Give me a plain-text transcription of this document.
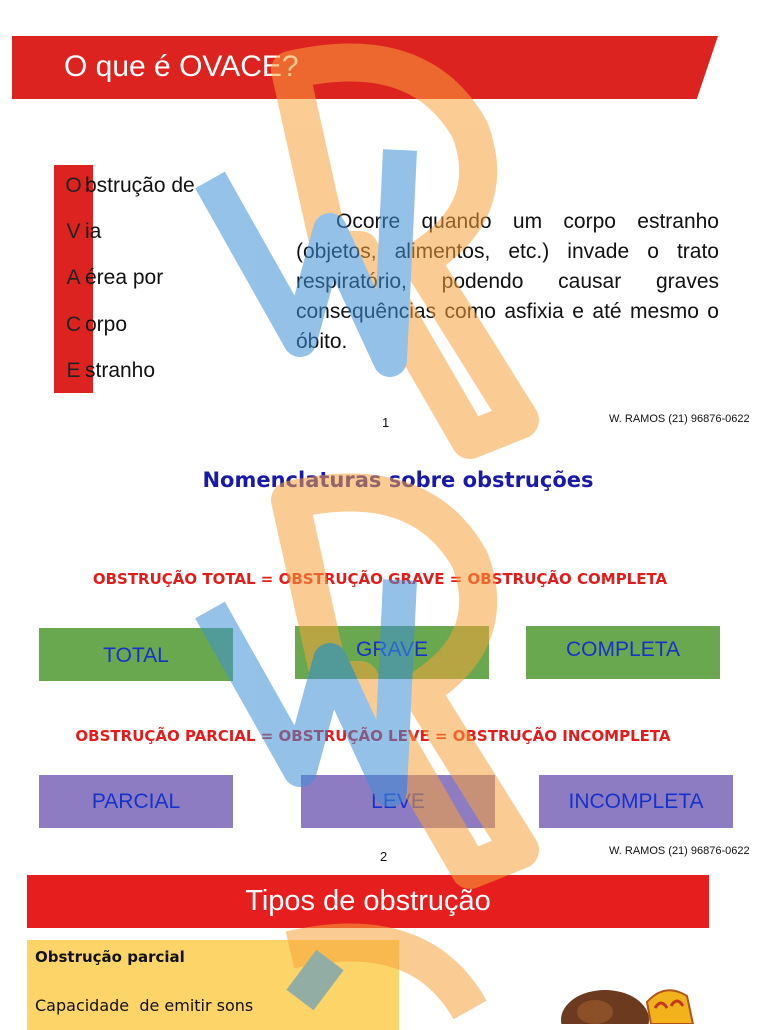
O que é OVACE?
O bstrução de
V ia
A érea por
C orpo
E stranho
Ocorre quando um corpo estranho (objetos, alimentos, etc.) invade o trato respiratório, podendo causar graves consequências como asfixia e até mesmo o óbito.
1	W. RAMOS (21) 96876-0622
Nomenclaturas sobre obstruções
OBSTRUÇÃO TOTAL = OBSTRUÇÃO GRAVE = OBSTRUÇÃO COMPLETA
TOTAL	GRAVE	COMPLETA
OBSTRUÇÃO PARCIAL = OBSTRUÇÃO LEVE = OBSTRUÇÃO INCOMPLETA
PARCIAL	LEVE	INCOMPLETA
2	W. RAMOS (21) 96876-0622
Tipos de obstrução
Obstrução parcial
Capacidade  de emitir sons
